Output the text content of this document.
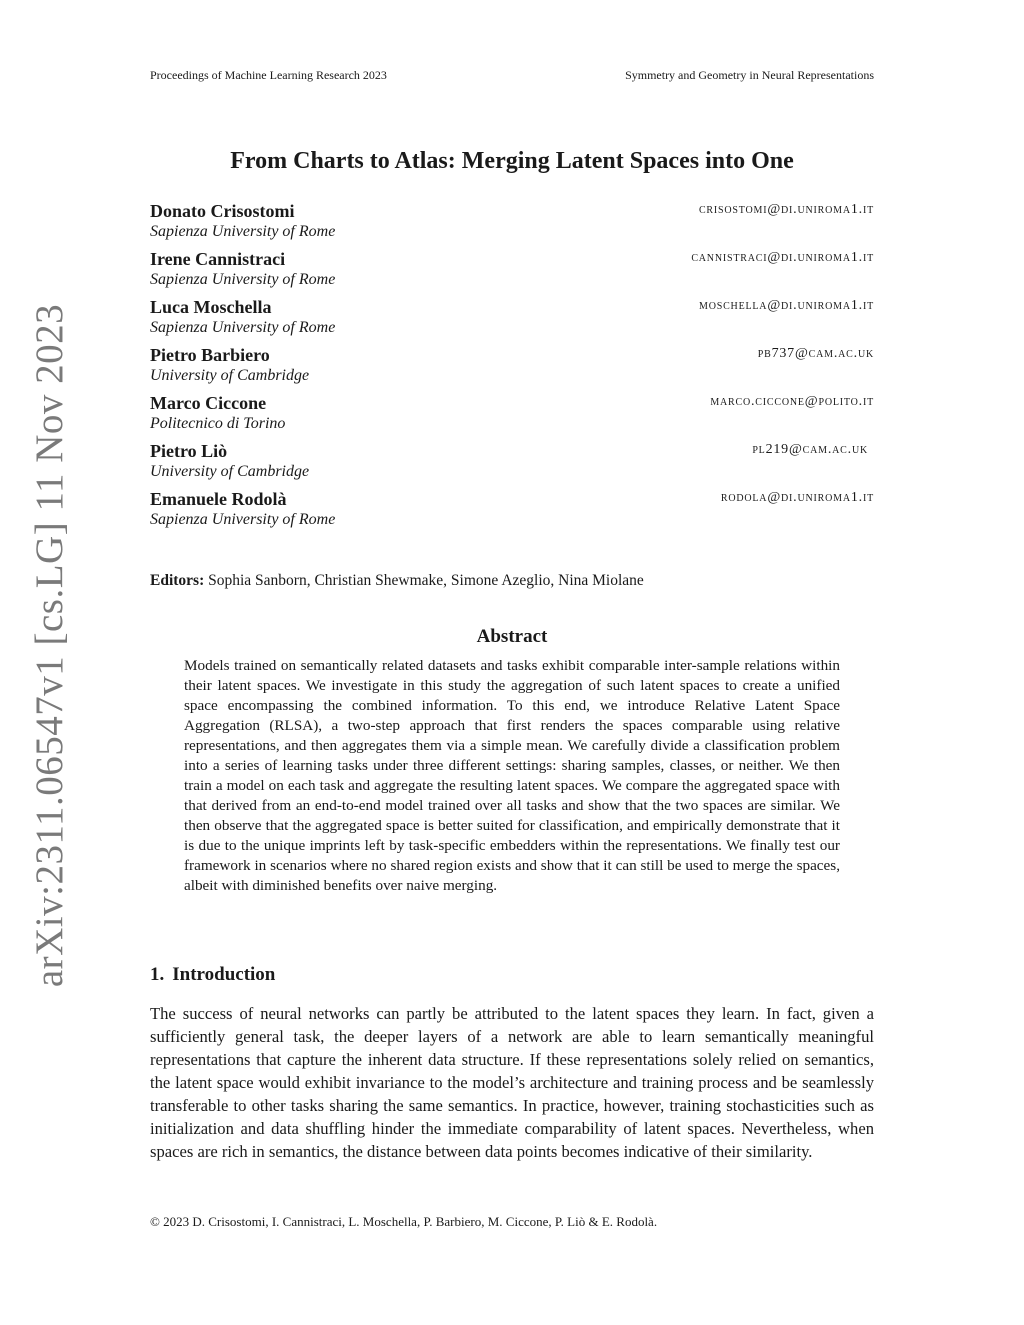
Proceedings of Machine Learning Research 2023	Symmetry and Geometry in Neural Representations
arXiv:2311.06547v1 [cs.LG] 11 Nov 2023
From Charts to Atlas: Merging Latent Spaces into One
Donato Crisostomi
Sapienza University of Rome
crisostomi@di.uniroma1.it
Irene Cannistraci
Sapienza University of Rome
cannistraci@di.uniroma1.it
Luca Moschella
Sapienza University of Rome
moschella@di.uniroma1.it
Pietro Barbiero
University of Cambridge
pb737@cam.ac.uk
Marco Ciccone
Politecnico di Torino
marco.ciccone@polito.it
Pietro Liò
University of Cambridge
pl219@cam.ac.uk
Emanuele Rodolà
Sapienza University of Rome
rodola@di.uniroma1.it
Editors: Sophia Sanborn, Christian Shewmake, Simone Azeglio, Nina Miolane
Abstract
Models trained on semantically related datasets and tasks exhibit comparable inter-sample relations within their latent spaces. We investigate in this study the aggregation of such latent spaces to create a unified space encompassing the combined information. To this end, we introduce Relative Latent Space Aggregation (RLSA), a two-step approach that first renders the spaces comparable using relative representations, and then aggregates them via a simple mean. We carefully divide a classification problem into a series of learning tasks under three different settings: sharing samples, classes, or neither. We then train a model on each task and aggregate the resulting latent spaces. We compare the aggregated space with that derived from an end-to-end model trained over all tasks and show that the two spaces are similar. We then observe that the aggregated space is better suited for classification, and empirically demonstrate that it is due to the unique imprints left by task-specific embedders within the representations. We finally test our framework in scenarios where no shared region exists and show that it can still be used to merge the spaces, albeit with diminished benefits over naive merging.
1. Introduction
The success of neural networks can partly be attributed to the latent spaces they learn. In fact, given a sufficiently general task, the deeper layers of a network are able to learn semantically meaningful representations that capture the inherent data structure. If these representations solely relied on semantics, the latent space would exhibit invariance to the model’s architecture and training process and be seamlessly transferable to other tasks sharing the same semantics. In practice, however, training stochasticities such as initialization and data shuffling hinder the immediate comparability of latent spaces. Nevertheless, when spaces are rich in semantics, the distance between data points becomes indicative of their similarity.
© 2023 D. Crisostomi, I. Cannistraci, L. Moschella, P. Barbiero, M. Ciccone, P. Liò & E. Rodolà.
